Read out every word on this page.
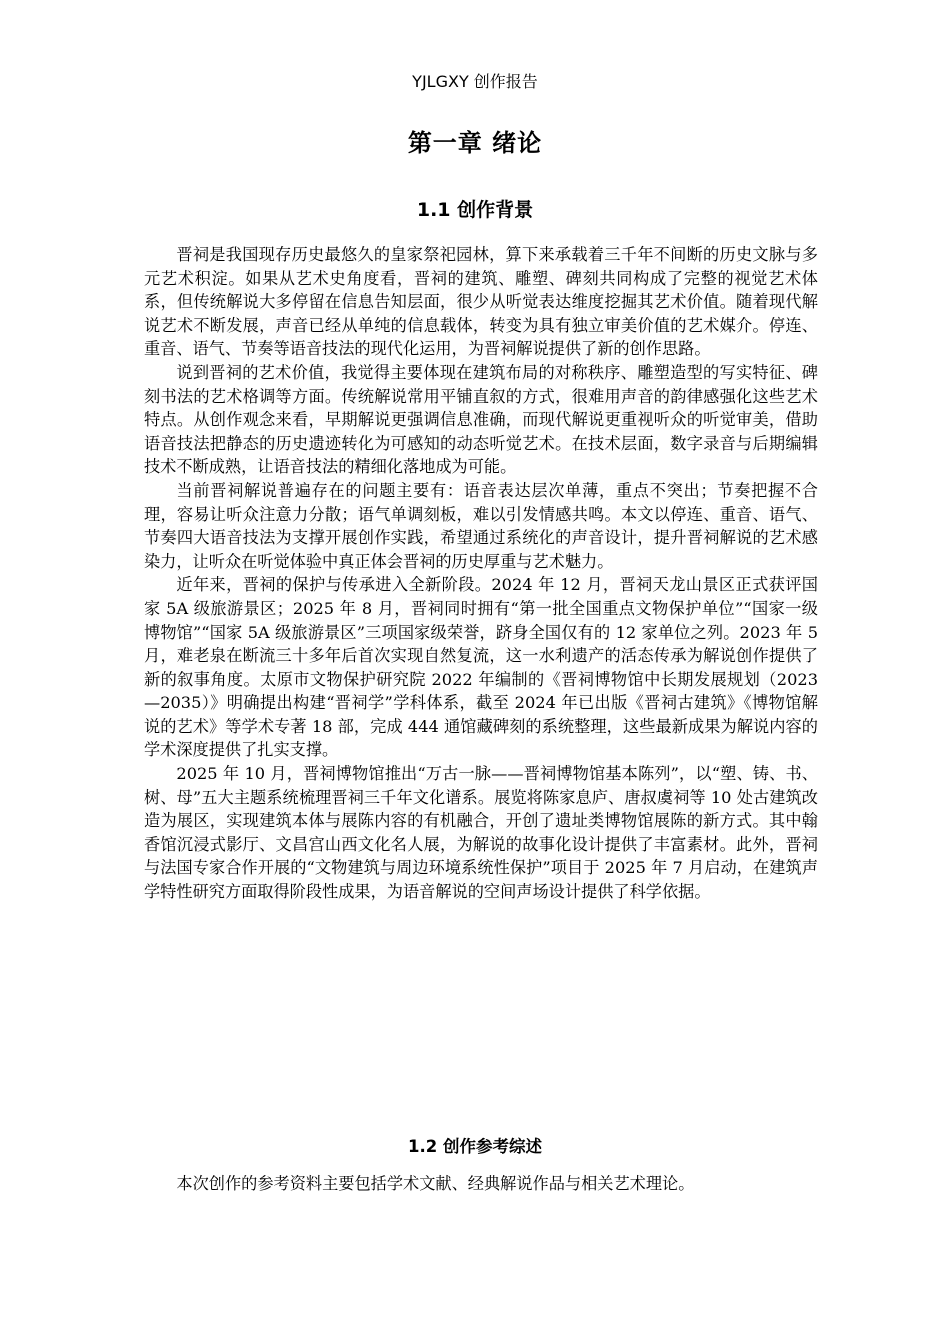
YJLGXY 创作报告
第一章 绪论
1.1 创作背景

晋祠是我国现存历史最悠久的皇家祭祀园林，算下来承载着三千年不间断的历史文脉与多元艺术积淀。如果从艺术史角度看，晋祠的建筑、雕塑、碑刻共同构成了完整的视觉艺术体系，但传统解说大多停留在信息告知层面，很少从听觉表达维度挖掘其艺术价值。随着现代解说艺术不断发展，声音已经从单纯的信息载体，转变为具有独立审美价值的艺术媒介。停连、重音、语气、节奏等语音技法的现代化运用，为晋祠解说提供了新的创作思路。

说到晋祠的艺术价值，我觉得主要体现在建筑布局的对称秩序、雕塑造型的写实特征、碑刻书法的艺术格调等方面。传统解说常用平铺直叙的方式，很难用声音的韵律感强化这些艺术特点。从创作观念来看，早期解说更强调信息准确，而现代解说更重视听众的听觉审美，借助语音技法把静态的历史遗迹转化为可感知的动态听觉艺术。在技术层面，数字录音与后期编辑技术不断成熟，让语音技法的精细化落地成为可能。

当前晋祠解说普遍存在的问题主要有：语音表达层次单薄，重点不突出；节奏把握不合理，容易让听众注意力分散；语气单调刻板，难以引发情感共鸣。本文以停连、重音、语气、节奏四大语音技法为支撑开展创作实践，希望通过系统化的声音设计，提升晋祠解说的艺术感染力，让听众在听觉体验中真正体会晋祠的历史厚重与艺术魅力。

近年来，晋祠的保护与传承进入全新阶段。2024 年 12 月，晋祠天龙山景区正式获评国家 5A 级旅游景区；2025 年 8 月，晋祠同时拥有“第一批全国重点文物保护单位”“国家一级博物馆”“国家 5A 级旅游景区”三项国家级荣誉，跻身全国仅有的 12 家单位之列。2023 年 5 月，难老泉在断流三十多年后首次实现自然复流，这一水利遗产的活态传承为解说创作提供了新的叙事角度。太原市文物保护研究院 2022 年编制的《晋祠博物馆中长期发展规划（2023—2035）》明确提出构建“晋祠学”学科体系，截至 2024 年已出版《晋祠古建筑》《博物馆解说的艺术》等学术专著 18 部，完成 444 通馆藏碑刻的系统整理，这些最新成果为解说内容的学术深度提供了扎实支撑。

2025 年 10 月，晋祠博物馆推出“万古一脉——晋祠博物馆基本陈列”，以“塑、铸、书、树、母”五大主题系统梳理晋祠三千年文化谱系。展览将陈家息庐、唐叔虞祠等 10 处古建筑改造为展区，实现建筑本体与展陈内容的有机融合，开创了遗址类博物馆展陈的新方式。其中翰香馆沉浸式影厅、文昌宫山西文化名人展，为解说的故事化设计提供了丰富素材。此外，晋祠与法国专家合作开展的“文物建筑与周边环境系统性保护”项目于 2025 年 7 月启动，在建筑声学特性研究方面取得阶段性成果，为语音解说的空间声场设计提供了科学依据。

1.2 创作参考综述

本次创作的参考资料主要包括学术文献、经典解说作品与相关艺术理论。
